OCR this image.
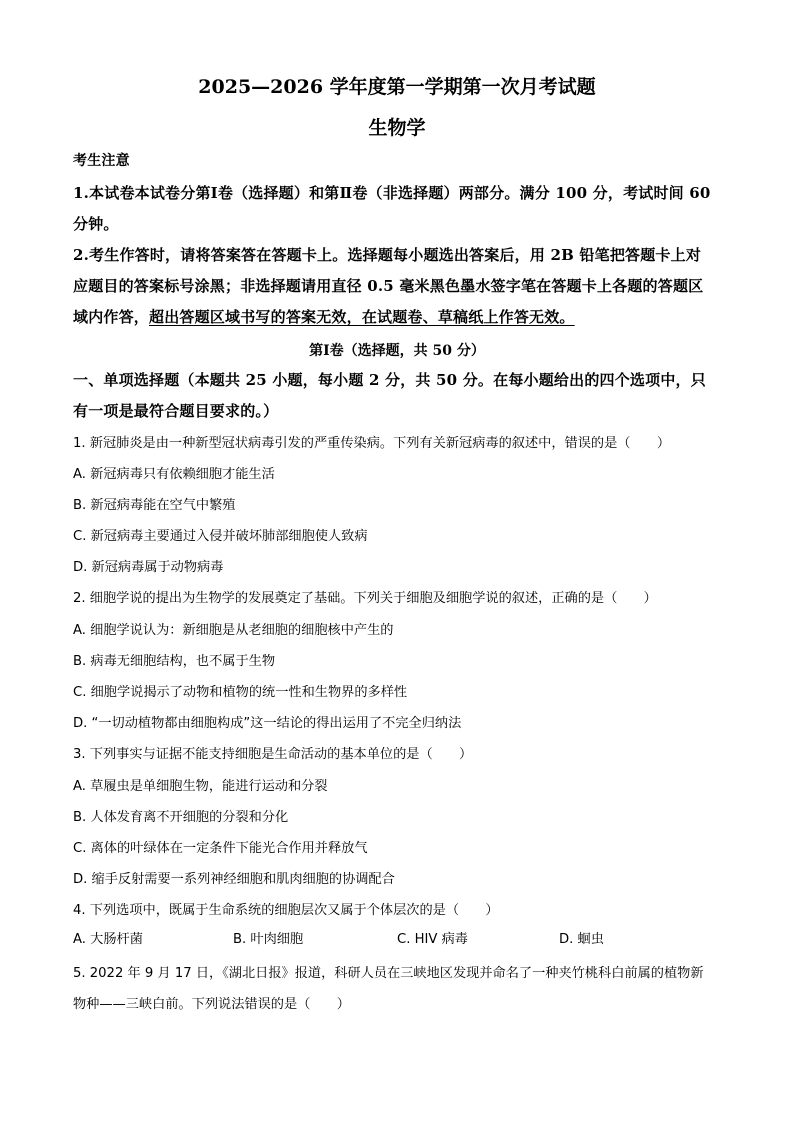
2025—2026 学年度第一学期第一次月考试题
生物学
考生注意
1.本试卷本试卷分第Ⅰ卷（选择题）和第Ⅱ卷（非选择题）两部分。满分 100 分，考试时间 60
分钟。
2.考生作答时，请将答案答在答题卡上。选择题每小题选出答案后，用 2B 铅笔把答题卡上对
应题目的答案标号涂黑；非选择题请用直径 0.5 毫米黑色墨水签字笔在答题卡上各题的答题区
域内作答，超出答题区域书写的答案无效，在试题卷、草稿纸上作答无效。
第Ⅰ卷（选择题，共 50 分）
一、单项选择题（本题共 25 小题，每小题 2 分，共 50 分。在每小题给出的四个选项中，只
有一项是最符合题目要求的。）
1. 新冠肺炎是由一种新型冠状病毒引发的严重传染病。下列有关新冠病毒的叙述中，错误的是（　　）
A. 新冠病毒只有依赖细胞才能生活
B. 新冠病毒能在空气中繁殖
C. 新冠病毒主要通过入侵并破坏肺部细胞使人致病
D. 新冠病毒属于动物病毒
2. 细胞学说的提出为生物学的发展奠定了基础。下列关于细胞及细胞学说的叙述，正确的是（　　）
A. 细胞学说认为：新细胞是从老细胞的细胞核中产生的
B. 病毒无细胞结构，也不属于生物
C. 细胞学说揭示了动物和植物的统一性和生物界的多样性
D. “一切动植物都由细胞构成”这一结论的得出运用了不完全归纳法
3. 下列事实与证据不能支持细胞是生命活动的基本单位的是（　　）
A. 草履虫是单细胞生物，能进行运动和分裂
B. 人体发育离不开细胞的分裂和分化
C. 离体的叶绿体在一定条件下能光合作用并释放气
D. 缩手反射需要一系列神经细胞和肌肉细胞的协调配合
4. 下列选项中，既属于生命系统的细胞层次又属于个体层次的是（　　）
A. 大肠杆菌	B. 叶肉细胞	C. HIV 病毒	D. 蛔虫
5. 2022 年 9 月 17 日，《湖北日报》报道，科研人员在三峡地区发现并命名了一种夹竹桃科白前属的植物新
物种——三峡白前。下列说法错误的是（　　）
